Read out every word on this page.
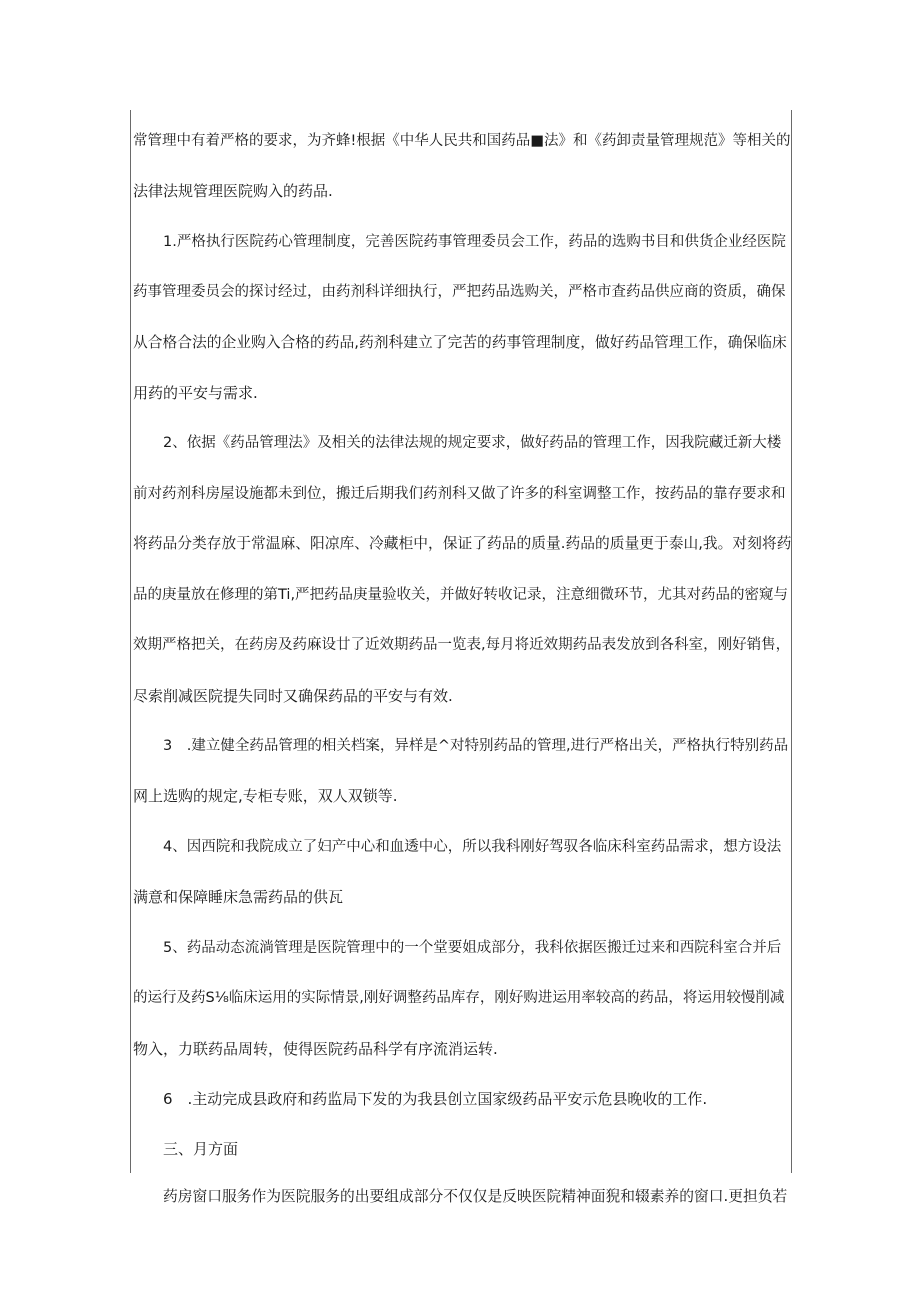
常管理中有着严格的要求，为齐蜂!根据《中华人民共和国药品■法》和《药卸责量管理规范》等相关的
法律法规管理医院购入的药品.
1.严格执行医院药心管理制度，完善医院药事管理委员会工作，药品的选购书目和供货企业经医院
药事管理委员会的探讨经过，由药剂科详细执行，严把药品选购关，严格市査药品供应商的资质，确保
从合格合法的企业购入合格的药品,药剂科建立了完苦的药事管理制度，做好药品管理工作，确保临床
用药的平安与需求.
2、依据《药品管理法》及相关的法律法规的规定要求，做好药品的管理工作，因我院藏迁新大楼
前对药剂科房屋设施都未到位，搬迁后期我们药剂科又做了许多的科室调整工作，按药品的靠存要求和
将药品分类存放于常温麻、阳凉库、冷藏柜中，保证了药品的质量.药品的质量更于泰山,我。对刻将药
品的庚量放在修理的第Ti,严把药品庚量验收关，并做好转收记录，注意细微环节，尤其对药品的密窥与
效期严格把关，在药房及药麻设廿了近效期药品一览表,每月将近效期药品表发放到各科室，刚好销售，
尽索削减医院提失同时又确保药品的平安与有效.
3　.建立健全药品管理的相关档案，异样是^对特别药品的管理,进行严格出关，严格执行特别药品
网上选购的规定,专柜专账，双人双锁等.
4、因西院和我院成立了妇产中心和血透中心，所以我科刚好驾驭各临床科室药品需求，想方设法
满意和保障睡床急需药品的供瓦
5、药品动态流淌管理是医院管理中的一个堂要姐成部分，我科依据医搬迁过来和西院科室合并后
的运行及药S⅛临床运用的实际情景,刚好调整药品库存，刚好购进运用率较高的药品，将运用较慢削减
物入，力联药品周转，使得医院药品科学有序流消运转.
6　.主动完成县政府和药监局下发的为我县创立国家级药品平安示危县晚收的工作.
三、月方面
药房窗口服务作为医院服务的出要组成部分不仅仅是反映医院精神面猊和辍素养的窗口.更担负若
